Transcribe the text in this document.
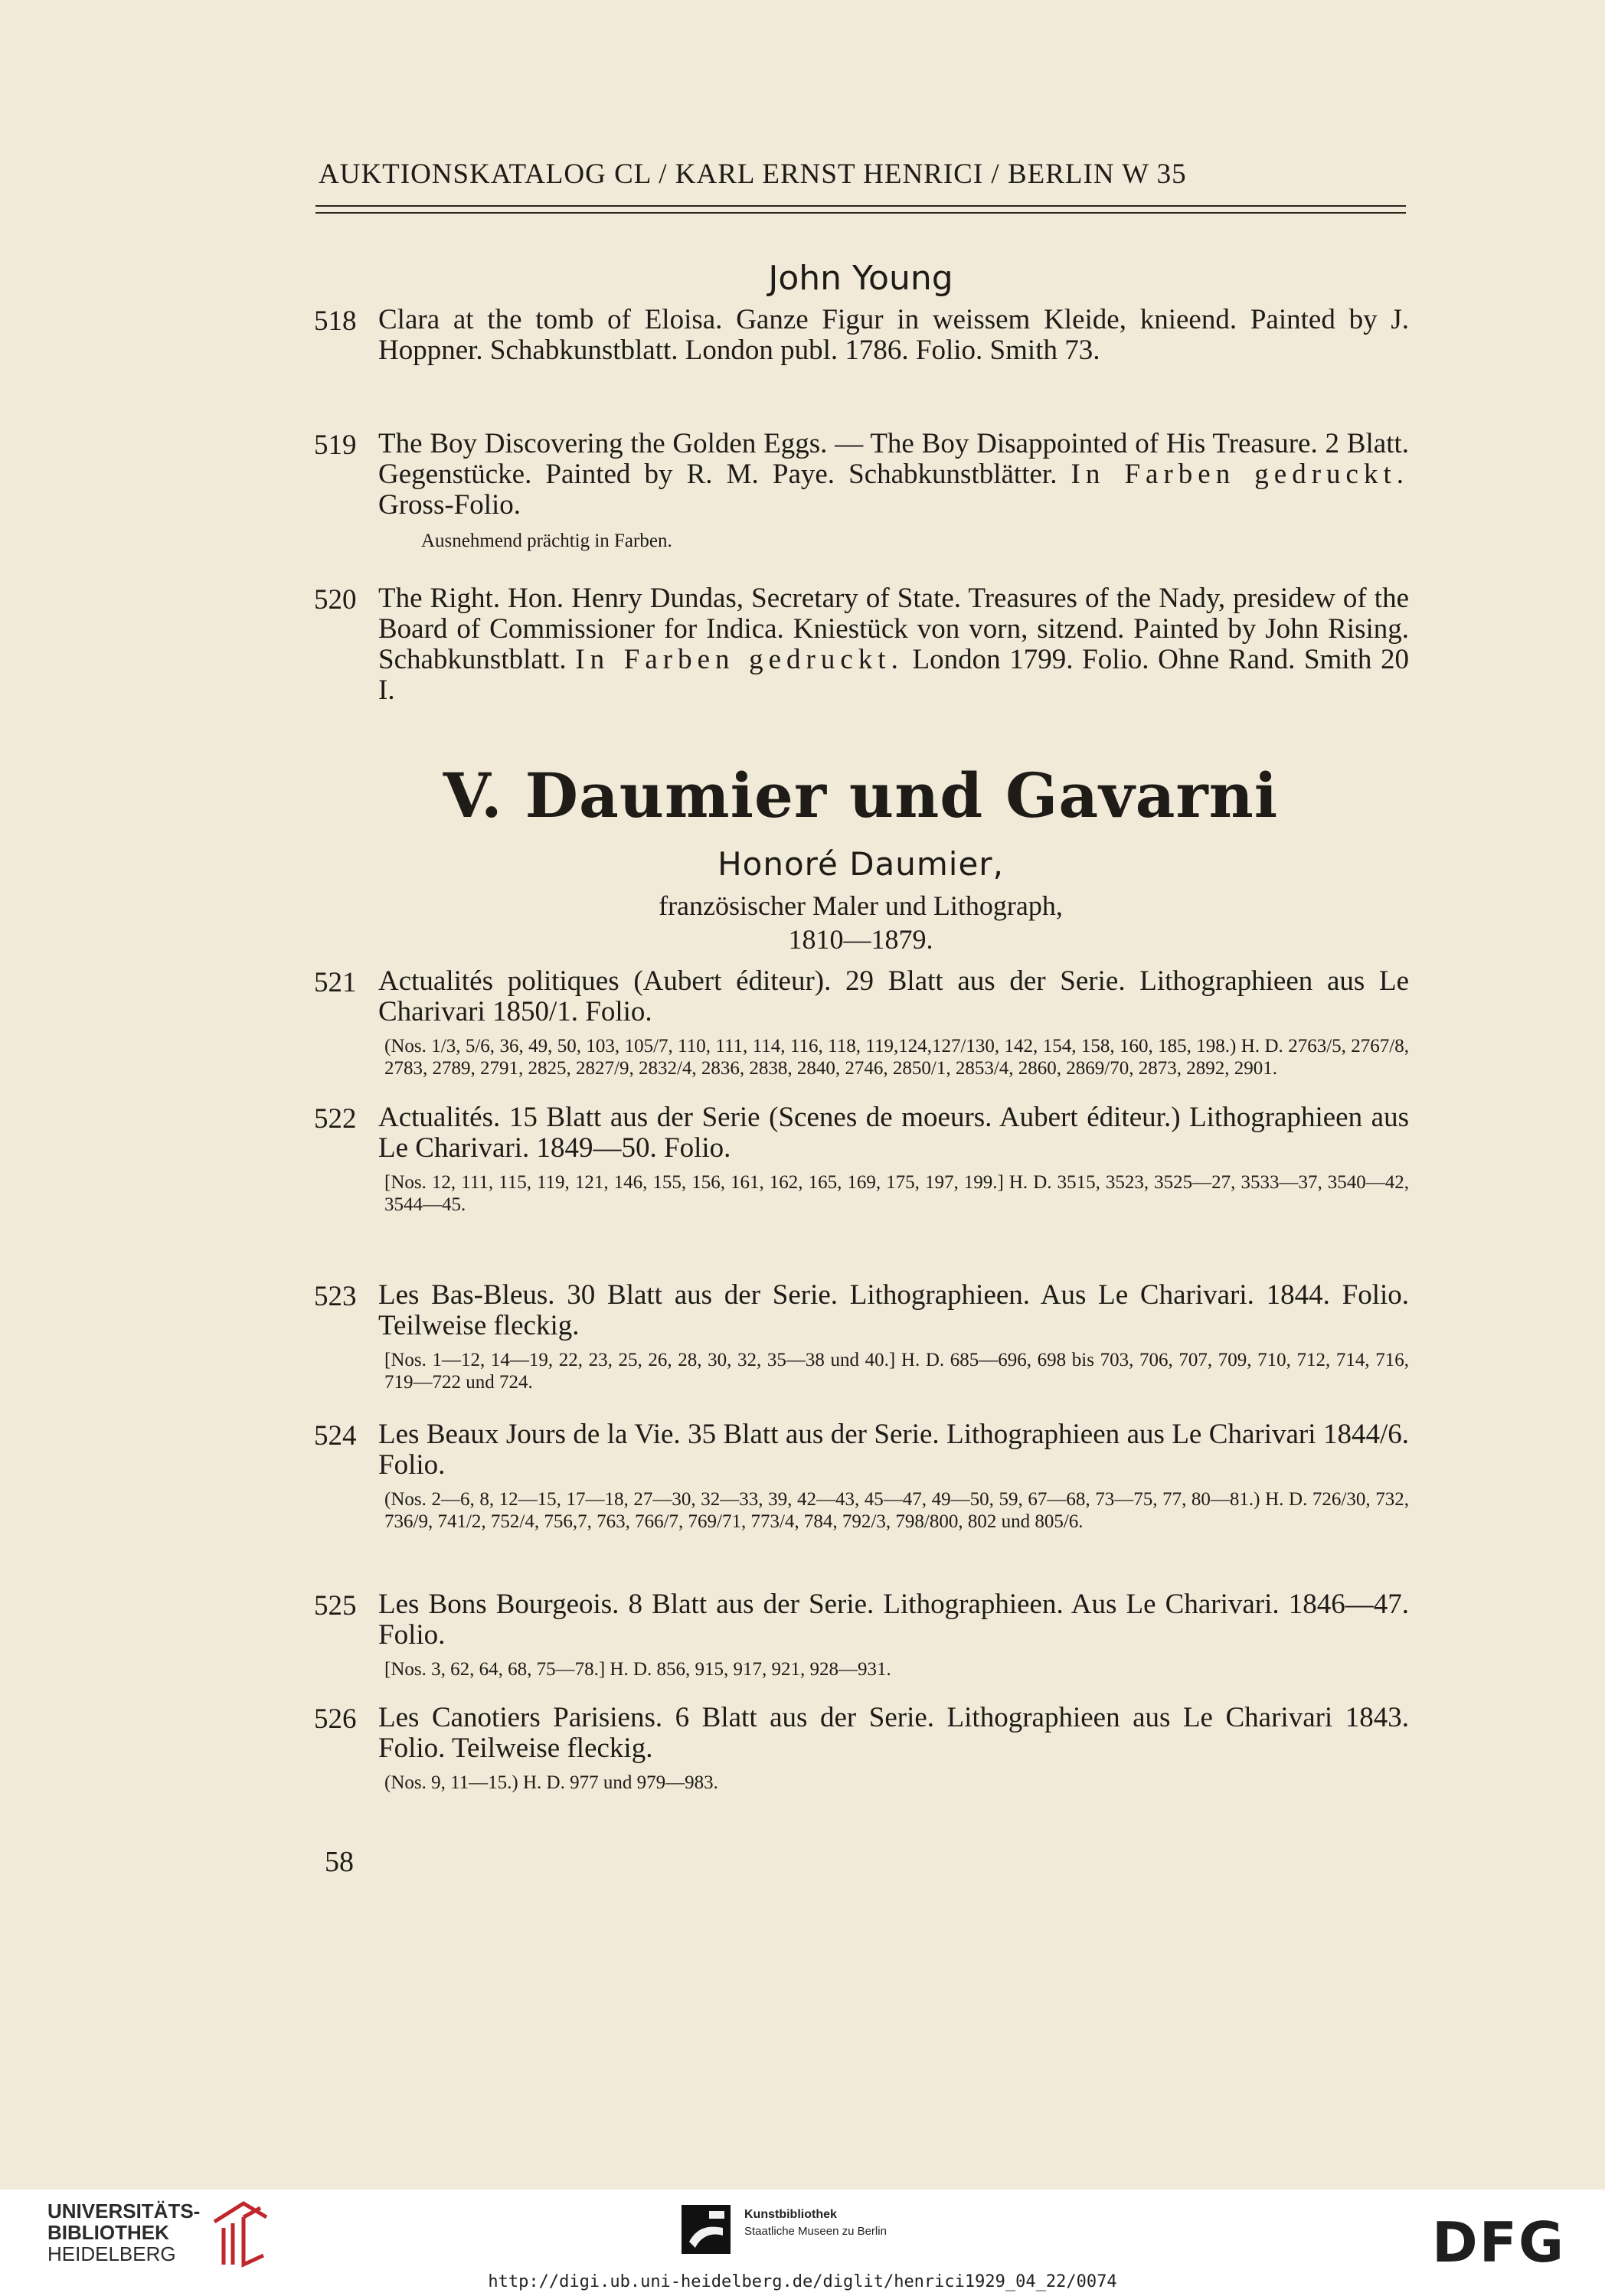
AUKTIONSKATALOG CL / KARL ERNST HENRICI / BERLIN W 35
John Young
518 Clara at the tomb of Eloisa. Ganze Figur in weissem Kleide, knieend. Painted by J. Hoppner. Schabkunstblatt. London publ. 1786. Folio. Smith 73.
519 The Boy Discovering the Golden Eggs. — The Boy Disappointed of His Treasure. 2 Blatt. Gegenstücke. Painted by R. M. Paye. Schabkunstblätter. In Farben gedruckt. Gross-Folio.
Ausnehmend prächtig in Farben.
520 The Right. Hon. Henry Dundas, Secretary of State. Treasures of the Nady, presidew of the Board of Commissioner for Indica. Kniestück von vorn, sitzend. Painted by John Rising. Schabkunstblatt. In Farben gedruckt. London 1799. Folio. Ohne Rand. Smith 20 I.
V. Daumier und Gavarni
Honoré Daumier,
französischer Maler und Lithograph,
1810—1879.
521 Actualités politiques (Aubert éditeur). 29 Blatt aus der Serie. Lithographieen aus Le Charivari 1850/1. Folio.
(Nos. 1/3, 5/6, 36, 49, 50, 103, 105/7, 110, 111, 114, 116, 118, 119,124,127/130, 142, 154, 158, 160, 185, 198.) H. D. 2763/5, 2767/8, 2783, 2789, 2791, 2825, 2827/9, 2832/4, 2836, 2838, 2840, 2746, 2850/1, 2853/4, 2860, 2869/70, 2873, 2892, 2901.
522 Actualités. 15 Blatt aus der Serie (Scenes de moeurs. Aubert éditeur.) Lithographieen aus Le Charivari. 1849—50. Folio.
[Nos. 12, 111, 115, 119, 121, 146, 155, 156, 161, 162, 165, 169, 175, 197, 199.] H. D. 3515, 3523, 3525—27, 3533—37, 3540—42, 3544—45.
523 Les Bas-Bleus. 30 Blatt aus der Serie. Lithographieen. Aus Le Charivari. 1844. Folio. Teilweise fleckig.
[Nos. 1—12, 14—19, 22, 23, 25, 26, 28, 30, 32, 35—38 und 40.] H. D. 685—696, 698 bis 703, 706, 707, 709, 710, 712, 714, 716, 719—722 und 724.
524 Les Beaux Jours de la Vie. 35 Blatt aus der Serie. Lithographieen aus Le Charivari 1844/6. Folio.
(Nos. 2—6, 8, 12—15, 17—18, 27—30, 32—33, 39, 42—43, 45—47, 49—50, 59, 67—68, 73—75, 77, 80—81.) H. D. 726/30, 732, 736/9, 741/2, 752/4, 756,7, 763, 766/7, 769/71, 773/4, 784, 792/3, 798/800, 802 und 805/6.
525 Les Bons Bourgeois. 8 Blatt aus der Serie. Lithographieen. Aus Le Charivari. 1846—47. Folio.
[Nos. 3, 62, 64, 68, 75—78.] H. D. 856, 915, 917, 921, 928—931.
526 Les Canotiers Parisiens. 6 Blatt aus der Serie. Lithographieen aus Le Charivari 1843. Folio. Teilweise fleckig.
(Nos. 9, 11—15.) H. D. 977 und 979—983.
58
UNIVERSITÄTS-
BIBLIOTHEK
HEIDELBERG
Kunstbibliothek
Staatliche Museen zu Berlin	DFG
http://digi.ub.uni-heidelberg.de/diglit/henrici1929_04_22/0074
